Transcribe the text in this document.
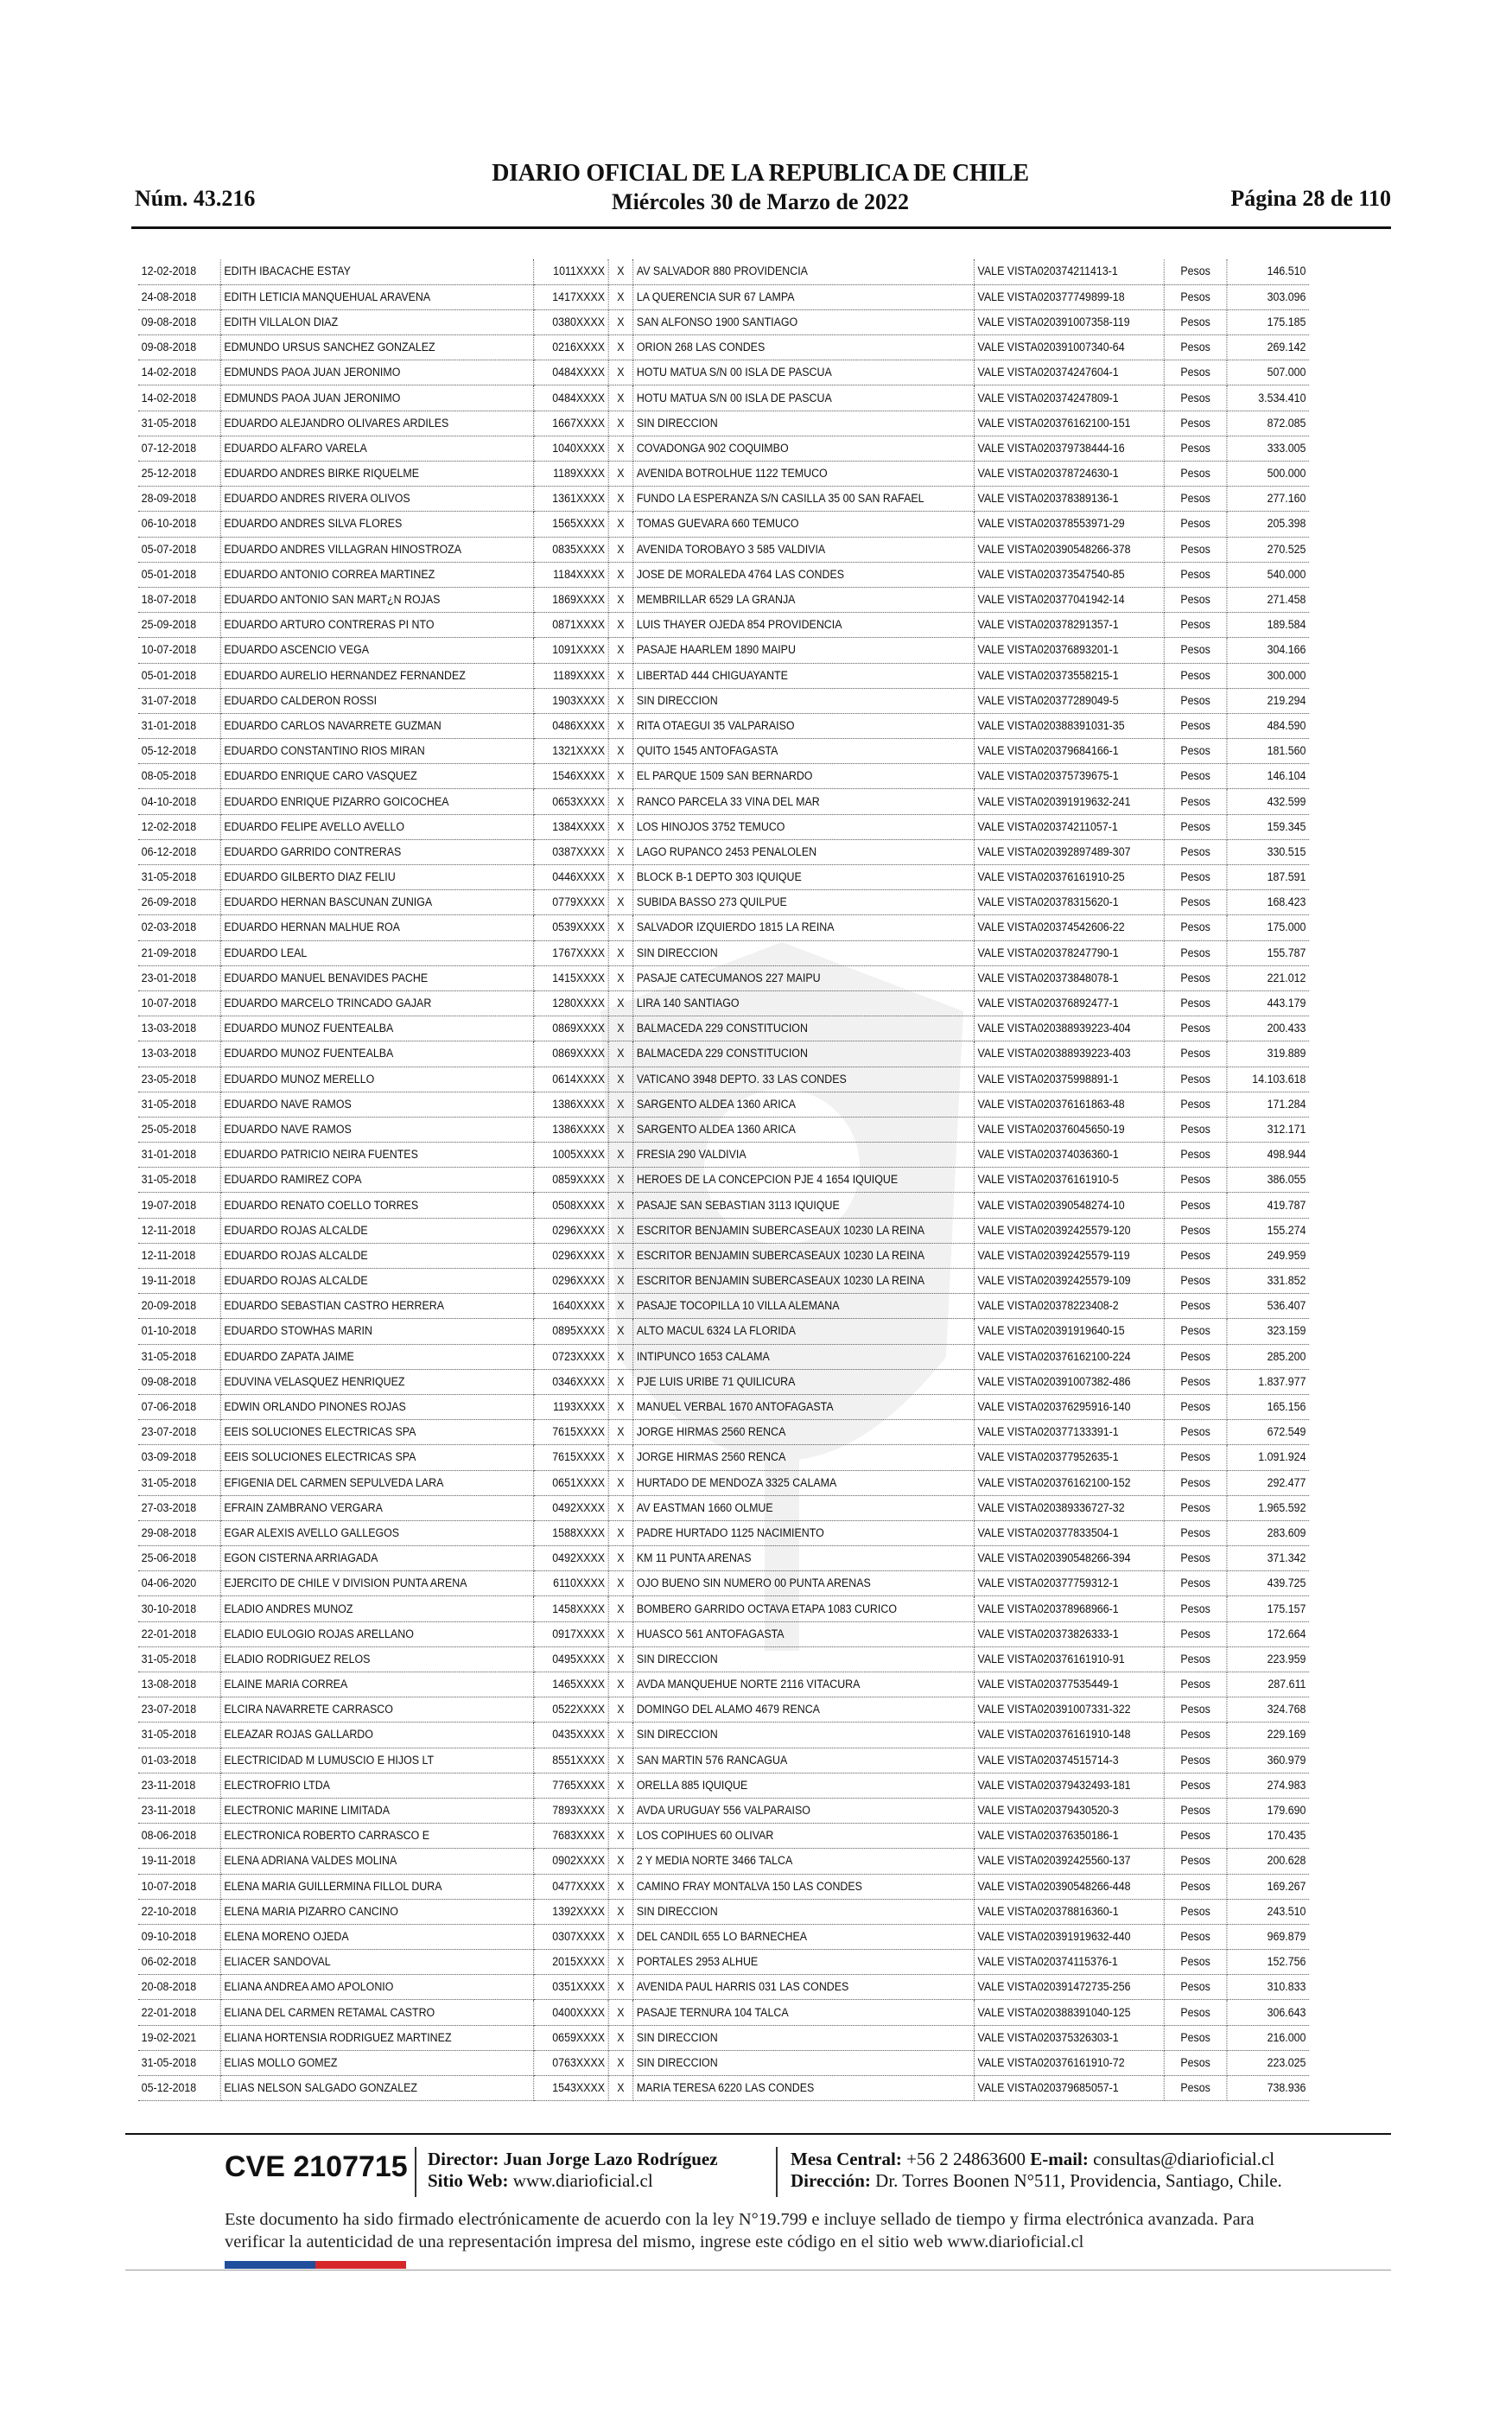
Núm. 43.216
DIARIO OFICIAL DE LA REPUBLICA DE CHILE
Miércoles 30 de Marzo de 2022	Página 28 de 110
12-02-2018	EDITH IBACACHE ESTAY	1011XXXX	X	AV SALVADOR 880 PROVIDENCIA	VALE VISTA020374211413-1	Pesos	146.510
24-08-2018	EDITH LETICIA MANQUEHUAL ARAVENA	1417XXXX	X	LA QUERENCIA SUR 67 LAMPA	VALE VISTA020377749899-18	Pesos	303.096
09-08-2018	EDITH VILLALON DIAZ	0380XXXX	X	SAN ALFONSO 1900 SANTIAGO	VALE VISTA020391007358-119	Pesos	175.185
09-08-2018	EDMUNDO URSUS SANCHEZ GONZALEZ	0216XXXX	X	ORION 268 LAS CONDES	VALE VISTA020391007340-64	Pesos	269.142
14-02-2018	EDMUNDS PAOA JUAN JERONIMO	0484XXXX	X	HOTU MATUA S/N 00 ISLA DE PASCUA	VALE VISTA020374247604-1	Pesos	507.000
14-02-2018	EDMUNDS PAOA JUAN JERONIMO	0484XXXX	X	HOTU MATUA S/N 00 ISLA DE PASCUA	VALE VISTA020374247809-1	Pesos	3.534.410
31-05-2018	EDUARDO ALEJANDRO OLIVARES ARDILES	1667XXXX	X	SIN DIRECCION	VALE VISTA020376162100-151	Pesos	872.085
07-12-2018	EDUARDO ALFARO VARELA	1040XXXX	X	COVADONGA 902 COQUIMBO	VALE VISTA020379738444-16	Pesos	333.005
25-12-2018	EDUARDO ANDRES BIRKE RIQUELME	1189XXXX	X	AVENIDA BOTROLHUE 1122 TEMUCO	VALE VISTA020378724630-1	Pesos	500.000
28-09-2018	EDUARDO ANDRES RIVERA OLIVOS	1361XXXX	X	FUNDO LA ESPERANZA S/N CASILLA 35 00 SAN RAFAEL	VALE VISTA020378389136-1	Pesos	277.160
06-10-2018	EDUARDO ANDRES SILVA FLORES	1565XXXX	X	TOMAS GUEVARA 660 TEMUCO	VALE VISTA020378553971-29	Pesos	205.398
05-07-2018	EDUARDO ANDRES VILLAGRAN HINOSTROZA	0835XXXX	X	AVENIDA TOROBAYO 3 585 VALDIVIA	VALE VISTA020390548266-378	Pesos	270.525
05-01-2018	EDUARDO ANTONIO CORREA MARTINEZ	1184XXXX	X	JOSE DE MORALEDA 4764 LAS CONDES	VALE VISTA020373547540-85	Pesos	540.000
18-07-2018	EDUARDO ANTONIO SAN MART¿N ROJAS	1869XXXX	X	MEMBRILLAR 6529 LA GRANJA	VALE VISTA020377041942-14	Pesos	271.458
25-09-2018	EDUARDO ARTURO CONTRERAS PI NTO	0871XXXX	X	LUIS THAYER OJEDA 854 PROVIDENCIA	VALE VISTA020378291357-1	Pesos	189.584
10-07-2018	EDUARDO ASCENCIO VEGA	1091XXXX	X	PASAJE HAARLEM 1890 MAIPU	VALE VISTA020376893201-1	Pesos	304.166
05-01-2018	EDUARDO AURELIO HERNANDEZ FERNANDEZ	1189XXXX	X	LIBERTAD 444 CHIGUAYANTE	VALE VISTA020373558215-1	Pesos	300.000
31-07-2018	EDUARDO CALDERON ROSSI	1903XXXX	X	SIN DIRECCION	VALE VISTA020377289049-5	Pesos	219.294
31-01-2018	EDUARDO CARLOS NAVARRETE GUZMAN	0486XXXX	X	RITA OTAEGUI 35 VALPARAISO	VALE VISTA020388391031-35	Pesos	484.590
05-12-2018	EDUARDO CONSTANTINO RIOS MIRAN	1321XXXX	X	QUITO 1545 ANTOFAGASTA	VALE VISTA020379684166-1	Pesos	181.560
08-05-2018	EDUARDO ENRIQUE CARO VASQUEZ	1546XXXX	X	EL PARQUE 1509 SAN BERNARDO	VALE VISTA020375739675-1	Pesos	146.104
04-10-2018	EDUARDO ENRIQUE PIZARRO GOICOCHEA	0653XXXX	X	RANCO PARCELA 33 VINA DEL MAR	VALE VISTA020391919632-241	Pesos	432.599
12-02-2018	EDUARDO FELIPE AVELLO AVELLO	1384XXXX	X	LOS HINOJOS 3752 TEMUCO	VALE VISTA020374211057-1	Pesos	159.345
06-12-2018	EDUARDO GARRIDO CONTRERAS	0387XXXX	X	LAGO RUPANCO 2453 PENALOLEN	VALE VISTA020392897489-307	Pesos	330.515
31-05-2018	EDUARDO GILBERTO DIAZ FELIU	0446XXXX	X	BLOCK B-1 DEPTO 303 IQUIQUE	VALE VISTA020376161910-25	Pesos	187.591
26-09-2018	EDUARDO HERNAN BASCUNAN ZUNIGA	0779XXXX	X	SUBIDA BASSO 273 QUILPUE	VALE VISTA020378315620-1	Pesos	168.423
02-03-2018	EDUARDO HERNAN MALHUE ROA	0539XXXX	X	SALVADOR IZQUIERDO 1815 LA REINA	VALE VISTA020374542606-22	Pesos	175.000
21-09-2018	EDUARDO LEAL	1767XXXX	X	SIN DIRECCION	VALE VISTA020378247790-1	Pesos	155.787
23-01-2018	EDUARDO MANUEL BENAVIDES PACHE	1415XXXX	X	PASAJE CATECUMANOS 227 MAIPU	VALE VISTA020373848078-1	Pesos	221.012
10-07-2018	EDUARDO MARCELO TRINCADO GAJAR	1280XXXX	X	LIRA 140 SANTIAGO	VALE VISTA020376892477-1	Pesos	443.179
13-03-2018	EDUARDO MUNOZ FUENTEALBA	0869XXXX	X	BALMACEDA 229 CONSTITUCION	VALE VISTA020388939223-404	Pesos	200.433
13-03-2018	EDUARDO MUNOZ FUENTEALBA	0869XXXX	X	BALMACEDA 229 CONSTITUCION	VALE VISTA020388939223-403	Pesos	319.889
23-05-2018	EDUARDO MUNOZ MERELLO	0614XXXX	X	VATICANO 3948 DEPTO. 33 LAS CONDES	VALE VISTA020375998891-1	Pesos	14.103.618
31-05-2018	EDUARDO NAVE RAMOS	1386XXXX	X	SARGENTO ALDEA 1360 ARICA	VALE VISTA020376161863-48	Pesos	171.284
25-05-2018	EDUARDO NAVE RAMOS	1386XXXX	X	SARGENTO ALDEA 1360 ARICA	VALE VISTA020376045650-19	Pesos	312.171
31-01-2018	EDUARDO PATRICIO NEIRA FUENTES	1005XXXX	X	FRESIA 290 VALDIVIA	VALE VISTA020374036360-1	Pesos	498.944
31-05-2018	EDUARDO RAMIREZ COPA	0859XXXX	X	HEROES DE LA CONCEPCION PJE 4 1654 IQUIQUE	VALE VISTA020376161910-5	Pesos	386.055
19-07-2018	EDUARDO RENATO COELLO TORRES	0508XXXX	X	PASAJE SAN SEBASTIAN 3113 IQUIQUE	VALE VISTA020390548274-10	Pesos	419.787
12-11-2018	EDUARDO ROJAS ALCALDE	0296XXXX	X	ESCRITOR BENJAMIN SUBERCASEAUX 10230 LA REINA	VALE VISTA020392425579-120	Pesos	155.274
12-11-2018	EDUARDO ROJAS ALCALDE	0296XXXX	X	ESCRITOR BENJAMIN SUBERCASEAUX 10230 LA REINA	VALE VISTA020392425579-119	Pesos	249.959
19-11-2018	EDUARDO ROJAS ALCALDE	0296XXXX	X	ESCRITOR BENJAMIN SUBERCASEAUX 10230 LA REINA	VALE VISTA020392425579-109	Pesos	331.852
20-09-2018	EDUARDO SEBASTIAN CASTRO HERRERA	1640XXXX	X	PASAJE TOCOPILLA 10 VILLA ALEMANA	VALE VISTA020378223408-2	Pesos	536.407
01-10-2018	EDUARDO STOWHAS MARIN	0895XXXX	X	ALTO MACUL 6324 LA FLORIDA	VALE VISTA020391919640-15	Pesos	323.159
31-05-2018	EDUARDO ZAPATA JAIME	0723XXXX	X	INTIPUNCO 1653 CALAMA	VALE VISTA020376162100-224	Pesos	285.200
09-08-2018	EDUVINA VELASQUEZ HENRIQUEZ	0346XXXX	X	PJE LUIS URIBE 71 QUILICURA	VALE VISTA020391007382-486	Pesos	1.837.977
07-06-2018	EDWIN ORLANDO PINONES ROJAS	1193XXXX	X	MANUEL VERBAL 1670 ANTOFAGASTA	VALE VISTA020376295916-140	Pesos	165.156
23-07-2018	EEIS SOLUCIONES ELECTRICAS SPA	7615XXXX	X	JORGE HIRMAS 2560 RENCA	VALE VISTA020377133391-1	Pesos	672.549
03-09-2018	EEIS SOLUCIONES ELECTRICAS SPA	7615XXXX	X	JORGE HIRMAS 2560 RENCA	VALE VISTA020377952635-1	Pesos	1.091.924
31-05-2018	EFIGENIA DEL CARMEN SEPULVEDA LARA	0651XXXX	X	HURTADO DE MENDOZA 3325 CALAMA	VALE VISTA020376162100-152	Pesos	292.477
27-03-2018	EFRAIN ZAMBRANO VERGARA	0492XXXX	X	AV EASTMAN 1660 OLMUE	VALE VISTA020389336727-32	Pesos	1.965.592
29-08-2018	EGAR ALEXIS AVELLO GALLEGOS	1588XXXX	X	PADRE HURTADO 1125 NACIMIENTO	VALE VISTA020377833504-1	Pesos	283.609
25-06-2018	EGON CISTERNA ARRIAGADA	0492XXXX	X	KM 11 PUNTA ARENAS	VALE VISTA020390548266-394	Pesos	371.342
04-06-2020	EJERCITO DE CHILE V DIVISION PUNTA ARENA	6110XXXX	X	OJO BUENO SIN NUMERO 00 PUNTA ARENAS	VALE VISTA020377759312-1	Pesos	439.725
30-10-2018	ELADIO ANDRES MUNOZ	1458XXXX	X	BOMBERO GARRIDO OCTAVA ETAPA 1083 CURICO	VALE VISTA020378968966-1	Pesos	175.157
22-01-2018	ELADIO EULOGIO ROJAS ARELLANO	0917XXXX	X	HUASCO 561 ANTOFAGASTA	VALE VISTA020373826333-1	Pesos	172.664
31-05-2018	ELADIO RODRIGUEZ RELOS	0495XXXX	X	SIN DIRECCION	VALE VISTA020376161910-91	Pesos	223.959
13-08-2018	ELAINE MARIA CORREA	1465XXXX	X	AVDA MANQUEHUE NORTE 2116 VITACURA	VALE VISTA020377535449-1	Pesos	287.611
23-07-2018	ELCIRA NAVARRETE CARRASCO	0522XXXX	X	DOMINGO DEL ALAMO 4679 RENCA	VALE VISTA020391007331-322	Pesos	324.768
31-05-2018	ELEAZAR ROJAS GALLARDO	0435XXXX	X	SIN DIRECCION	VALE VISTA020376161910-148	Pesos	229.169
01-03-2018	ELECTRICIDAD M LUMUSCIO E HIJOS LT	8551XXXX	X	SAN MARTIN 576 RANCAGUA	VALE VISTA020374515714-3	Pesos	360.979
23-11-2018	ELECTROFRIO LTDA	7765XXXX	X	ORELLA 885 IQUIQUE	VALE VISTA020379432493-181	Pesos	274.983
23-11-2018	ELECTRONIC MARINE LIMITADA	7893XXXX	X	AVDA URUGUAY 556 VALPARAISO	VALE VISTA020379430520-3	Pesos	179.690
08-06-2018	ELECTRONICA ROBERTO CARRASCO E	7683XXXX	X	LOS COPIHUES 60 OLIVAR	VALE VISTA020376350186-1	Pesos	170.435
19-11-2018	ELENA ADRIANA VALDES MOLINA	0902XXXX	X	2 Y MEDIA NORTE 3466 TALCA	VALE VISTA020392425560-137	Pesos	200.628
10-07-2018	ELENA MARIA GUILLERMINA FILLOL DURA	0477XXXX	X	CAMINO FRAY MONTALVA 150 LAS CONDES	VALE VISTA020390548266-448	Pesos	169.267
22-10-2018	ELENA MARIA PIZARRO CANCINO	1392XXXX	X	SIN DIRECCION	VALE VISTA020378816360-1	Pesos	243.510
09-10-2018	ELENA MORENO OJEDA	0307XXXX	X	DEL CANDIL 655 LO BARNECHEA	VALE VISTA020391919632-440	Pesos	969.879
06-02-2018	ELIACER SANDOVAL	2015XXXX	X	PORTALES 2953 ALHUE	VALE VISTA020374115376-1	Pesos	152.756
20-08-2018	ELIANA ANDREA AMO APOLONIO	0351XXXX	X	AVENIDA PAUL HARRIS 031 LAS CONDES	VALE VISTA020391472735-256	Pesos	310.833
22-01-2018	ELIANA DEL CARMEN RETAMAL CASTRO	0400XXXX	X	PASAJE TERNURA 104 TALCA	VALE VISTA020388391040-125	Pesos	306.643
19-02-2021	ELIANA HORTENSIA RODRIGUEZ MARTINEZ	0659XXXX	X	SIN DIRECCION	VALE VISTA020375326303-1	Pesos	216.000
31-05-2018	ELIAS MOLLO GOMEZ	0763XXXX	X	SIN DIRECCION	VALE VISTA020376161910-72	Pesos	223.025
05-12-2018	ELIAS NELSON SALGADO GONZALEZ	1543XXXX	X	MARIA TERESA 6220 LAS CONDES	VALE VISTA020379685057-1	Pesos	738.936
CVE 2107715 Director: Juan Jorge Lazo Rodríguez
Sitio Web: www.diarioficial.cl
Mesa Central: +56 2 24863600 E-mail: consultas@diarioficial.cl
Dirección: Dr. Torres Boonen N°511, Providencia, Santiago, Chile.
Este documento ha sido firmado electrónicamente de acuerdo con la ley N°19.799 e incluye sellado de tiempo y firma electrónica avanzada. Para verificar la autenticidad de una representación impresa del mismo, ingrese este código en el sitio web www.diarioficial.cl
